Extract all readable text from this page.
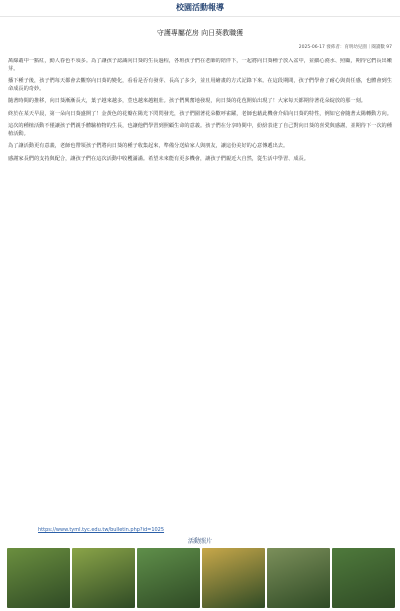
校園活動報導
守護專屬花房 向日葵教職獲
2025-06-17 發佈者：育明幼兒園｜閱讀數 97

萬綠叢中一點紅，動人春色不須多。為了讓孩子認識向日葵的生長過程，各班孩子們在老師的陪伴下，一起將向日葵種子放入盆中，並細心澆水、照顧，期待它們長出嫩芽。

播下種子後，孩子們每天都會去觀察向日葵的變化，看看是否有發芽、長高了多少，並且用繪畫的方式記錄下來。在這段期間，孩子們學會了耐心與責任感，也體會到生命成長的奇妙。

隨著時間的推移，向日葵漸漸長大，葉子越來越多，莖也越來越粗壯。孩子們興奮地發現，向日葵的花苞開始出現了！大家每天都期待著花朵綻放的那一刻。

終於在某天早晨，第一朵向日葵盛開了！金黃色的花瓣在陽光下閃閃發光，孩子們圍著花朵歡呼雀躍，老師也藉此機會介紹向日葵的特性，例如它會隨著太陽轉動方向。

這次的種植活動不僅讓孩子們親手體驗植物的生長，也讓他們學習到照顧生命的意義。孩子們在分享時間中，紛紛表達了自己對向日葵的喜愛與感謝，並期待下一次的種植活動。

為了讓活動更有意義，老師也帶領孩子們將向日葵的種子收集起來，準備分送給家人與朋友，讓這份美好的心意傳遞出去。

感謝家長們的支持與配合，讓孩子們在這次活動中收穫滿滿。希望未來能有更多機會，讓孩子們親近大自然，從生活中學習、成長。

https://www.tyml.tyc.edu.tw/bulletin.php?id=1025
活動照片
